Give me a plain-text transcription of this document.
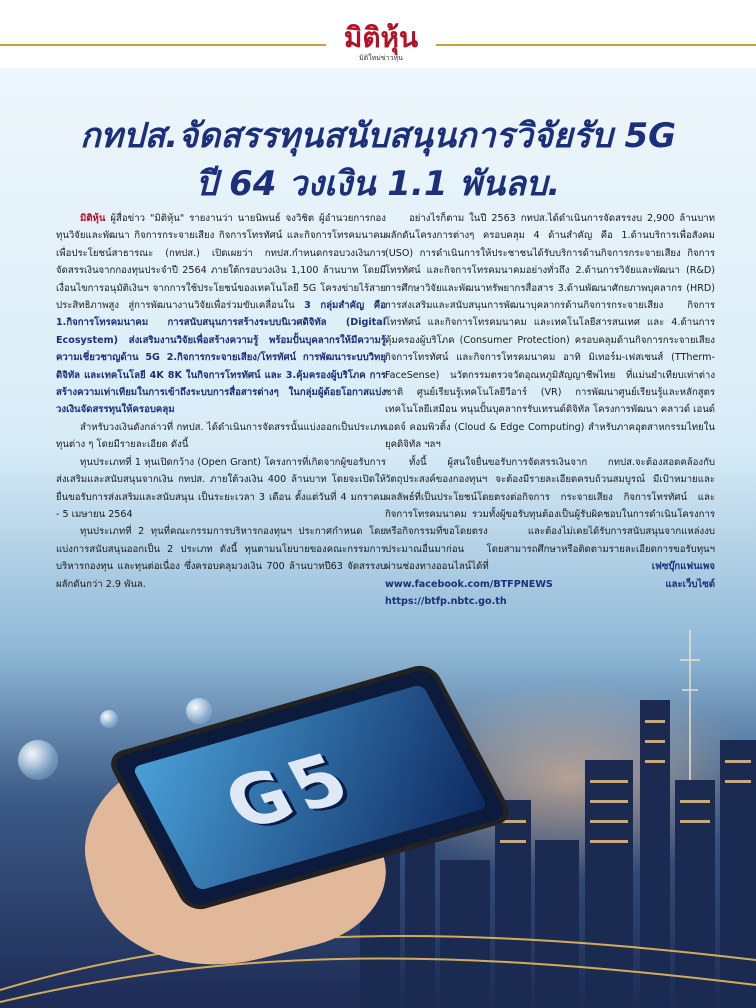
G5
มิติหุ้น
มิติใหม่ข่าวหุ้น
กทปส.จัดสรรทุนสนับสนุนการวิจัยรับ 5G
ปี 64 วงเงิน 1.1 พันลบ.

มิติหุ้น ผู้สื่อข่าว "มิติหุ้น" รายงานว่า นายนิพนธ์ จงวิชิต ผู้อำนวยการกองทุนวิจัยและพัฒนา กิจการกระจายเสียง กิจการโทรทัศน์ และกิจการโทรคมนาคม เพื่อประโยชน์สาธารณะ (กทปส.) เปิดเผยว่า กทปส.กำหนดกรอบวงเงินการจัดสรรเงินจากกองทุนประจำปี 2564 ภายใต้กรอบวงเงิน 1,100 ล้านบาท โดยมีเงื่อนไขการอนุมัติเงินฯ จากการใช้ประโยชน์ของเทคโนโลยี 5G โครงข่ายไร้สายประสิทธิภาพสูง สู่การพัฒนางานวิจัยเพื่อร่วมขับเคลื่อนใน 3 กลุ่มสำคัญ คือ 1.กิจการโทรคมนาคม การสนับสนุนการสร้างระบบนิเวศดิจิทัล (Digital Ecosystem) ส่งเสริมงานวิจัยเพื่อสร้างความรู้ พร้อมปั้นบุคลากรให้มีความรู้ความเชี่ยวชาญด้าน 5G 2.กิจการกระจายเสียง/โทรทัศน์ การพัฒนาระบบวิทยุดิจิทัล และเทคโนโลยี 4K 8K ในกิจการโทรทัศน์ และ 3.คุ้มครองผู้บริโภค การสร้างความเท่าเทียมในการเข้าถึงระบบการสื่อสารต่างๆ ในกลุ่มผู้ด้อยโอกาสแบ่งวงเงินจัดสรรทุนให้ครอบคลุม

สำหรับวงเงินดังกล่าวที่ กทปส. ได้ดำเนินการจัดสรรนั้นแบ่งออกเป็นประเภททุนต่าง ๆ โดยมีรายละเอียด ดังนี้

ทุนประเภทที่ 1 ทุนเปิดกว้าง (Open Grant) โครงการที่เกิดจากผู้ขอรับการส่งเสริมและสนับสนุนจากเงิน กทปส. ภายใต้วงเงิน 400 ล้านบาท โดยจะเปิดให้ยื่นขอรับการส่งเสริมและสนับสนุน เป็นระยะเวลา 3 เดือน ตั้งแต่วันที่ 4 มกราคม - 5 เมษายน 2564

ทุนประเภทที่ 2 ทุนที่คณะกรรมการบริหารกองทุนฯ ประกาศกำหนด โดยแบ่งการสนับสนุนออกเป็น 2 ประเภท ดังนี้ ทุนตามนโยบายของคณะกรรมการบริหารกองทุน และทุนต่อเนื่อง ซึ่งครอบคลุมวงเงิน 700 ล้านบาทปี63 จัดสรรงบผลักดันกว่า 2.9 พันล.

อย่างไรก็ตาม ในปี 2563 กทปส.ได้ดำเนินการจัดสรรงบ 2,900 ล้านบาท ผลักดันโครงการต่างๆ ครอบคลุม 4 ด้านสำคัญ คือ 1.ด้านบริการเพื่อสังคม (USO) การดำเนินการให้ประชาชนได้รับบริการด้านกิจการกระจายเสียง กิจการโทรทัศน์ และกิจการโทรคมนาคมอย่างทั่วถึง 2.ด้านการวิจัยและพัฒนา (R&D) การศึกษาวิจัยและพัฒนาทรัพยากรสื่อสาร 3.ด้านพัฒนาศักยภาพบุคลากร (HRD) การส่งเสริมและสนับสนุนการพัฒนาบุคลากรด้านกิจการกระจายเสียง กิจการโทรทัศน์ และกิจการโทรคมนาคม และเทคโนโลยีสารสนเทศ และ 4.ด้านการคุ้มครองผู้บริโภค (Consumer Protection) ครอบคลุมด้านกิจการกระจายเสียง กิจการโทรทัศน์ และกิจการโทรคมนาคม อาทิ มิเทอร์ม-เฟสเซนส์ (TTherm-FaceSense) นวัตกรรมตรวจวัดอุณหภูมิสัญญาชีพไทย ที่แม่นยำเทียบเท่าต่างชาติ ศูนย์เรียนรู้เทคโนโลยีวีอาร์ (VR) การพัฒนาศูนย์เรียนรู้และหลักสูตรเทคโนโลยีเสมือน หนุนปั้นบุคลากรรับเทรนด์ดิจิทัล โครงการพัฒนา คลาวด์ เอนด์ เอดจ์ คอมพิวติ้ง (Cloud & Edge Computing) สำหรับภาคอุตสาหกรรมไทยในยุคดิจิทัล ฯลฯ

ทั้งนี้ ผู้สนใจยื่นขอรับการจัดสรรเงินจาก กทปส.จะต้องสอดคล้องกับวัตถุประสงค์ของกองทุนฯ จะต้องมีรายละเอียดครบถ้วนสมบูรณ์ มีเป้าหมายและผลลัพธ์ที่เป็นประโยชน์โดยตรงต่อกิจการ กระจายเสียง กิจการโทรทัศน์ และกิจการโทรคมนาคม รวมทั้งผู้ขอรับทุนต้องเป็นผู้รับผิดชอบในการดำเนินโครงการหรือกิจกรรมที่ขอโดยตรง และต้องไม่เคยได้รับการสนับสนุนจากแหล่งงบประมาณอื่นมาก่อน โดยสามารถศึกษาหรือติดตามรายละเอียดการขอรับทุนฯ ผ่านช่องทางออนไลน์ได้ที่ เฟซบุ๊กแฟนเพจ www.facebook.com/BTFPNEWS และเว็บไซต์ https://btfp.nbtc.go.th
